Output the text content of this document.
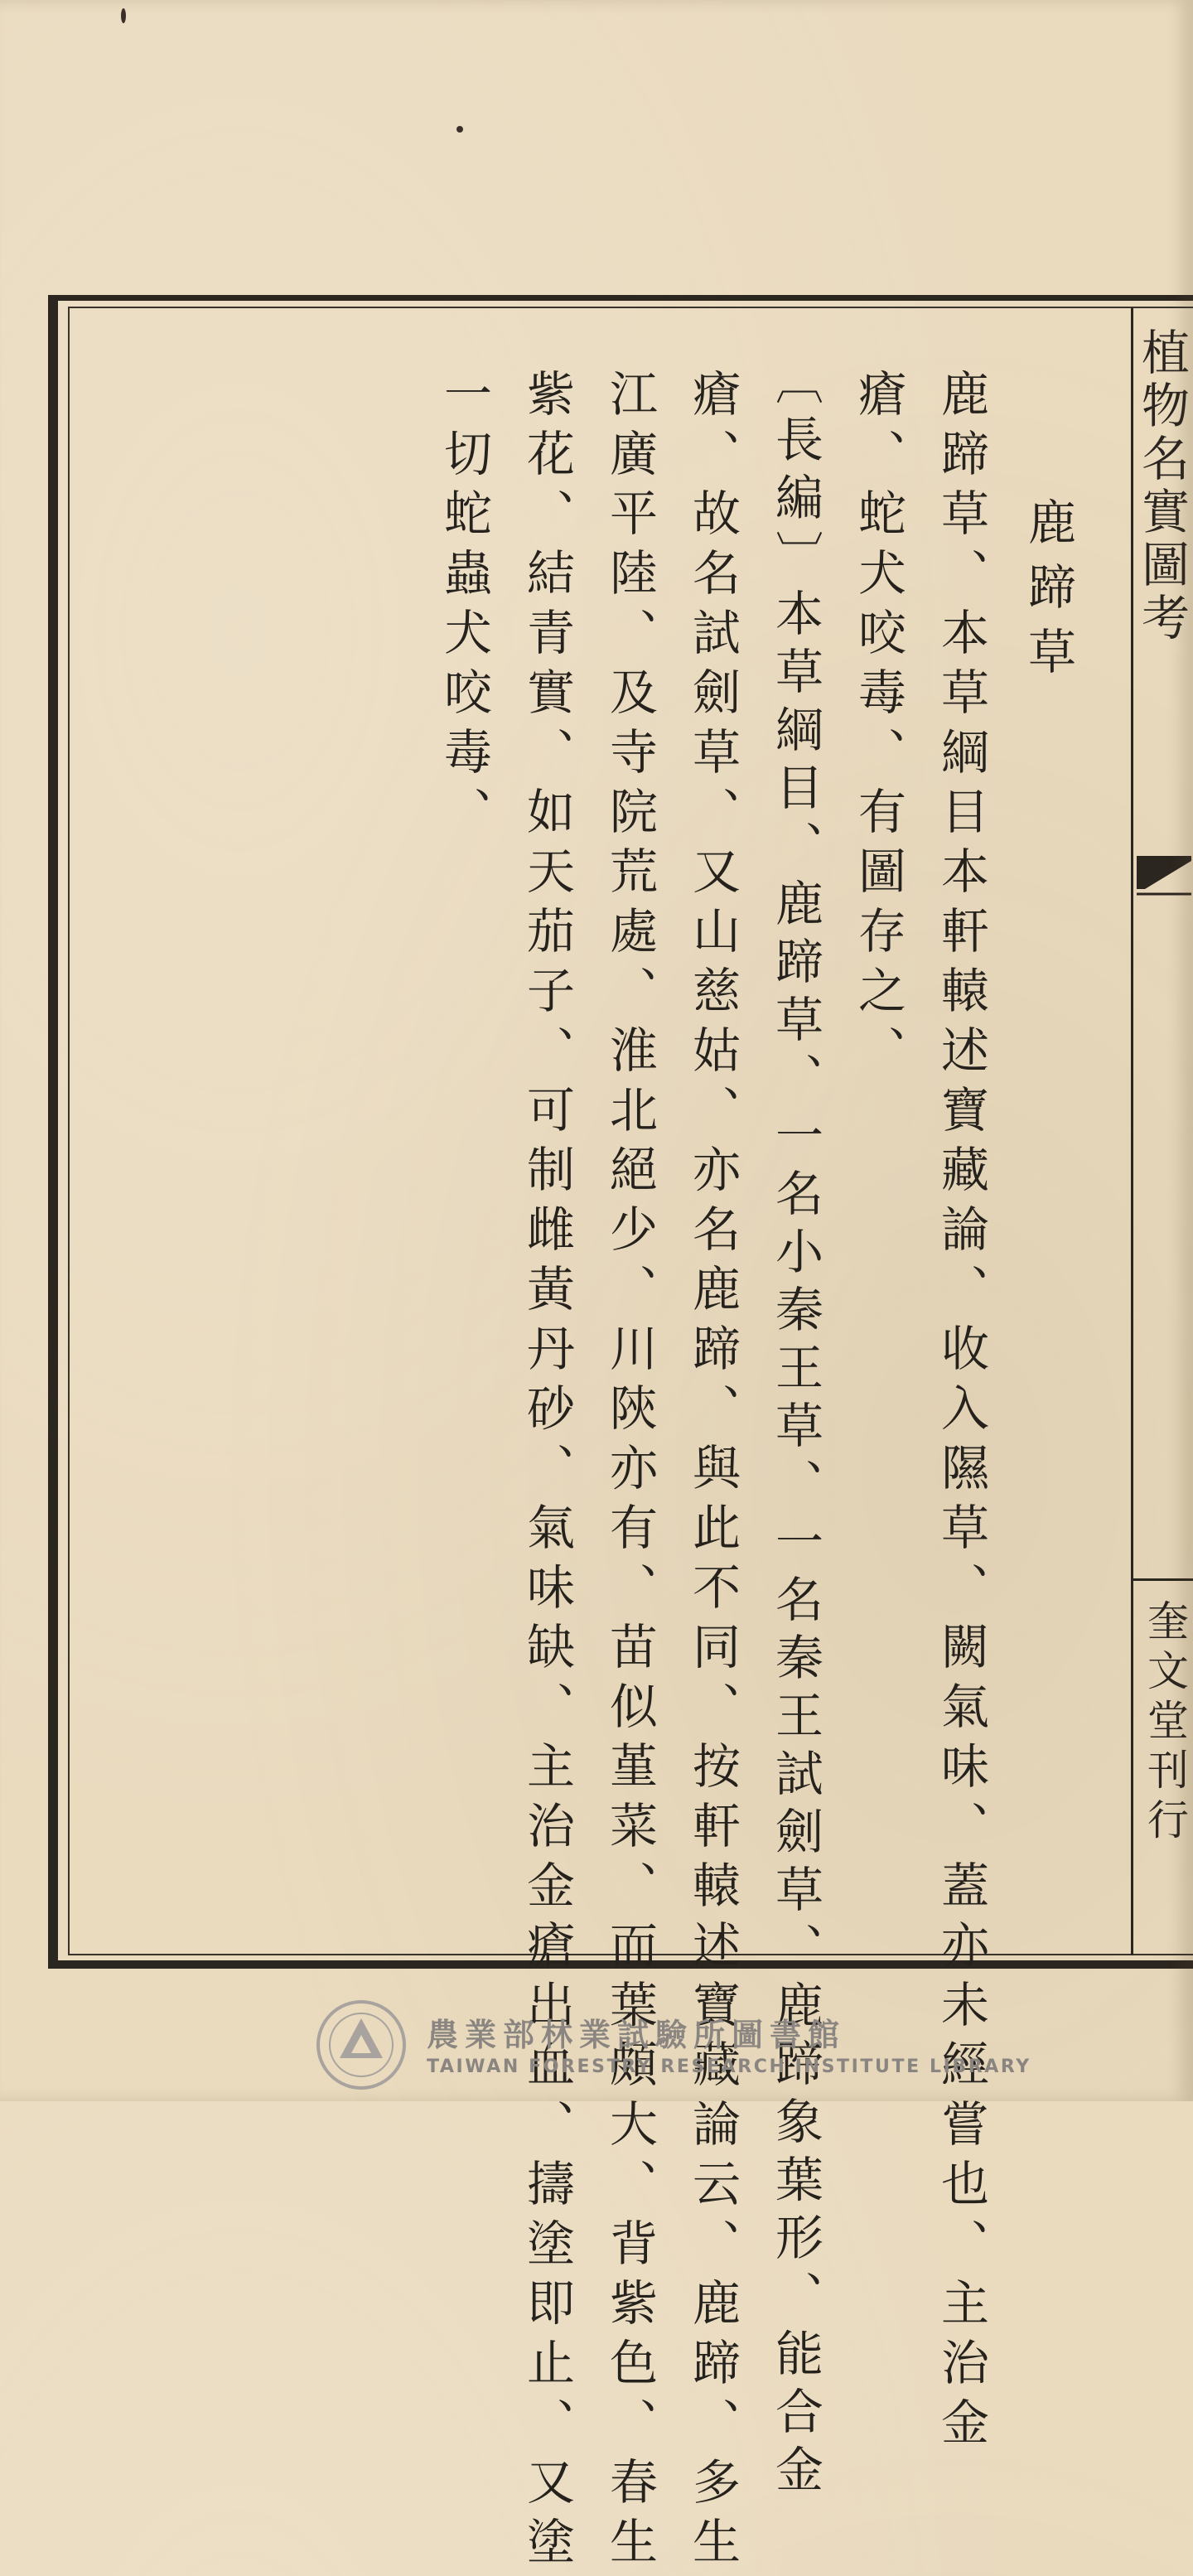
植物名實圖考
奎文堂刊行
鹿蹄草
鹿蹄草、本草綱目本軒轅述寶藏論、收入隰草、闕氣味、蓋亦未經嘗也、主治金
瘡、蛇犬咬毒、有圖存之、
〔長編〕本草綱目、鹿蹄草、一名小秦王草、一名秦王試劍草、鹿蹄象葉形、能合金
瘡、故名試劍草、又山慈姑、亦名鹿蹄、與此不同、按軒轅述寶藏論云、鹿蹄、多生
江廣平陸、及寺院荒處、淮北絕少、川陝亦有、苗似堇菜、而葉頗大、背紫色、春生
紫花、結青實、如天茄子、可制雌黃丹砂、氣味缺、主治金瘡出血、擣塗即止、又塗
一切蛇蟲犬咬毒、
農業部林業試驗所圖書館
TAIWAN FORESTRY RESEARCH INSTITUTE LIBRARY
